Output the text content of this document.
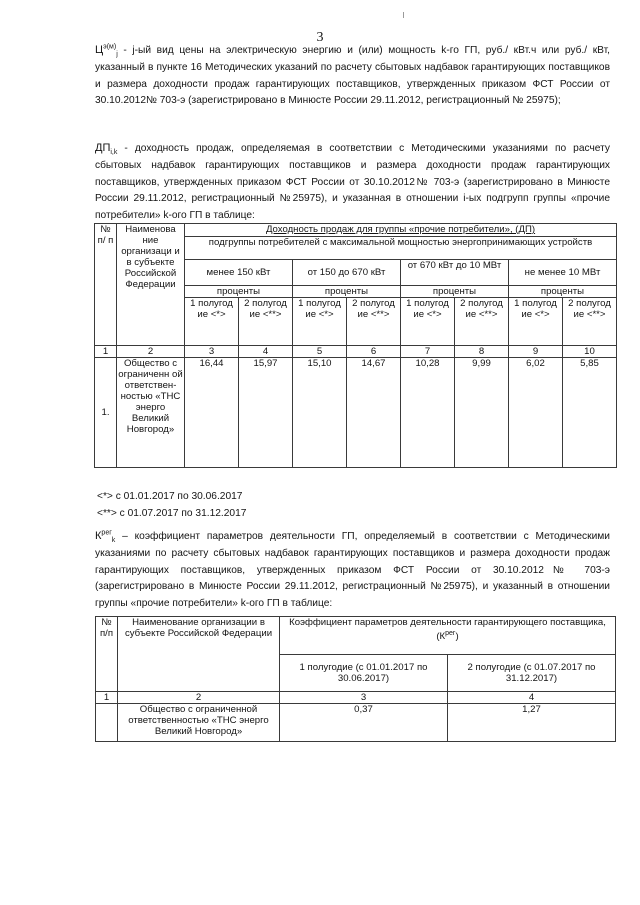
3

$Ц^{э(м)}_j - j-ый$ вид цены на электрическую энергию и (или) мощность k-го ГП, руб./ кВт.ч или руб./ кВт, указанный в пункте 16 Методических указаний по расчету сбытовых надбавок гарантирующих поставщиков и размера доходности продаж гарантирующих поставщиков, утвержденных приказом ФСТ России от 30.10.2012№ 703-э (зарегистрировано в Минюсте России 29.11.2012, регистрационный № 25975);

$ДП_{i,k}$ - доходность продаж, определяемая в соответствии с Методическими указаниями по расчету сбытовых надбавок гарантирующих поставщиков и размера доходности продаж гарантирующих поставщиков, утвержденных приказом ФСТ России от 30.10.2012№ 703-э (зарегистрировано в Минюсте России 29.11.2012, регистрационный №25975), и указанная в отношении i-ых подгрупп группы «прочие потребители» k-ого ГП в таблице:

№ п/ п	Наименова ние организаци и в субъекте Российской Федерации	Доходность продаж для группы «прочие потребители», (ДП)							
		подгруппы потребителей с максимальной мощностью энергопринимающих устройств							
		менее 150 кВт		от 150 до 670 кВт		от 670 кВт до 10 МВт		не менее 10 МВт	
		проценты		проценты		проценты		проценты	
		1 полугод ие <*>	2 полугод ие <**>	1 полугод ие <*>	2 полугод ие <**>	1 полугод ие <*>	2 полугод ие <**>	1 полугод ие <*>	2 полугод ие <**>
1	2	3	4	5	6	7	8	9	10
1.	Общество с ограниченн ой ответствен- ностью «ТНС энерго Великий Новгород»	16,44	15,97	15,10	14,67	10,28	9,99	6,02	5,85

<*> с 01.01.2017 по 30.06.2017

<**> с 01.07.2017 по 31.12.2017

$К^{рег}_k$ – коэффициент параметров деятельности ГП, определяемый в соответствии с Методическими указаниями по расчету сбытовых надбавок гарантирующих поставщиков и размера доходности продаж гарантирующих поставщиков, утвержденных приказом ФСТ России от 30.10.2012№ 703-э (зарегистрировано в Минюсте России 29.11.2012, регистрационный №25975), и указанный в отношении группы «прочие потребители» k-ого ГП в таблице:

№ п/п	Наименование организации в субъекте Российской Федерации	Коэффициент параметров деятельности гарантирующего поставщика, $(К^{рег})$	
		1 полугодие (с 01.01.2017 по 30.06.2017)	2 полугодие (с 01.07.2017 по 31.12.2017)
1	2	3	4
	Общество с ограниченной ответственностью «ТНС энерго Великий Новгород»	0,37	1,27
